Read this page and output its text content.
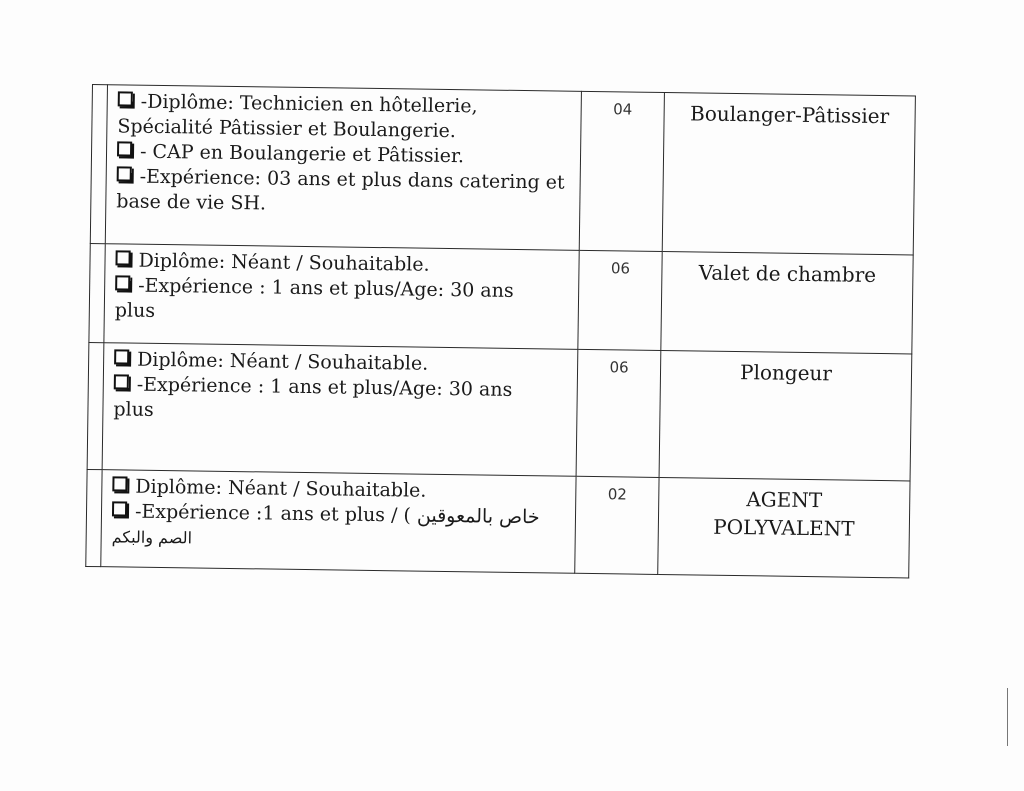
	-Diplôme: Technicien en hôtellerie,
Spécialité Pâtissier et Boulangerie.
- CAP en Boulangerie et Pâtissier.
-Expérience: 03 ans et plus dans catering et
base de vie SH.	04	Boulanger-Pâtissier

	Diplôme: Néant / Souhaitable.
-Expérience : 1 ans et plus/Age: 30 ans
plus	06	Valet de chambre

	Diplôme: Néant / Souhaitable.
-Expérience : 1 ans et plus/Age: 30 ans
plus	06	Plongeur

	Diplôme: Néant / Souhaitable.
-Expérience :1 ans et plus / ( خاص بالمعوقين
الصم والبكم	02	AGENT
POLYVALENT
